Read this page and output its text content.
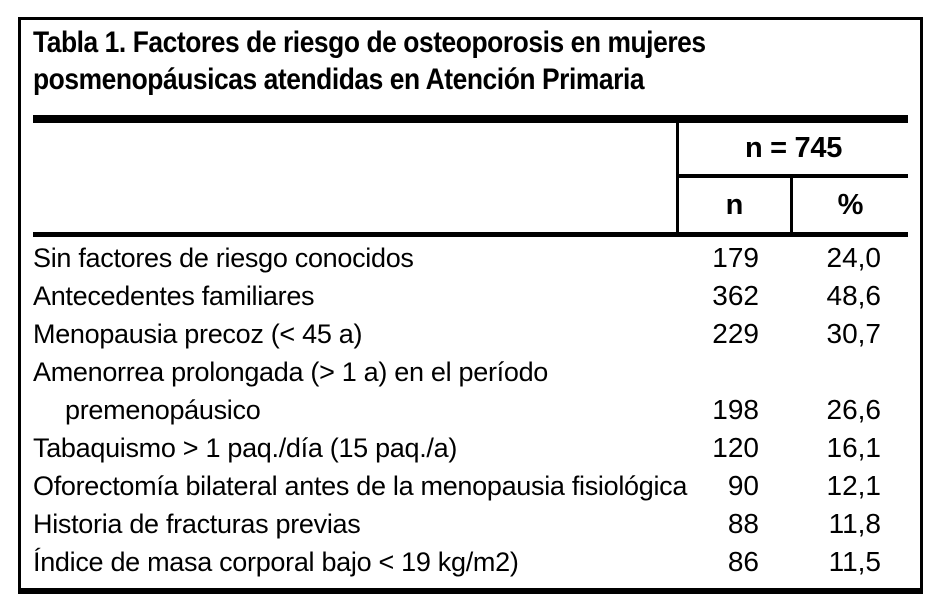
Tabla 1. Factores de riesgo de osteoporosis en mujeres posmenopáusicas atendidas en Atención Primaria
n = 745
n	%
Sin factores de riesgo conocidos	179	24,0
Antecedentes familiares	362	48,6
Menopausia precoz (< 45 a)	229	30,7
Amenorrea prolongada (> 1 a) en el período
premenopáusico	198	26,6
Tabaquismo > 1 paq./día (15 paq./a)	120	16,1
Oforectomía bilateral antes de la menopausia fisiológica	90	12,1
Historia de fracturas previas	88	11,8
Índice de masa corporal bajo < 19 kg/m2)	86	11,5
